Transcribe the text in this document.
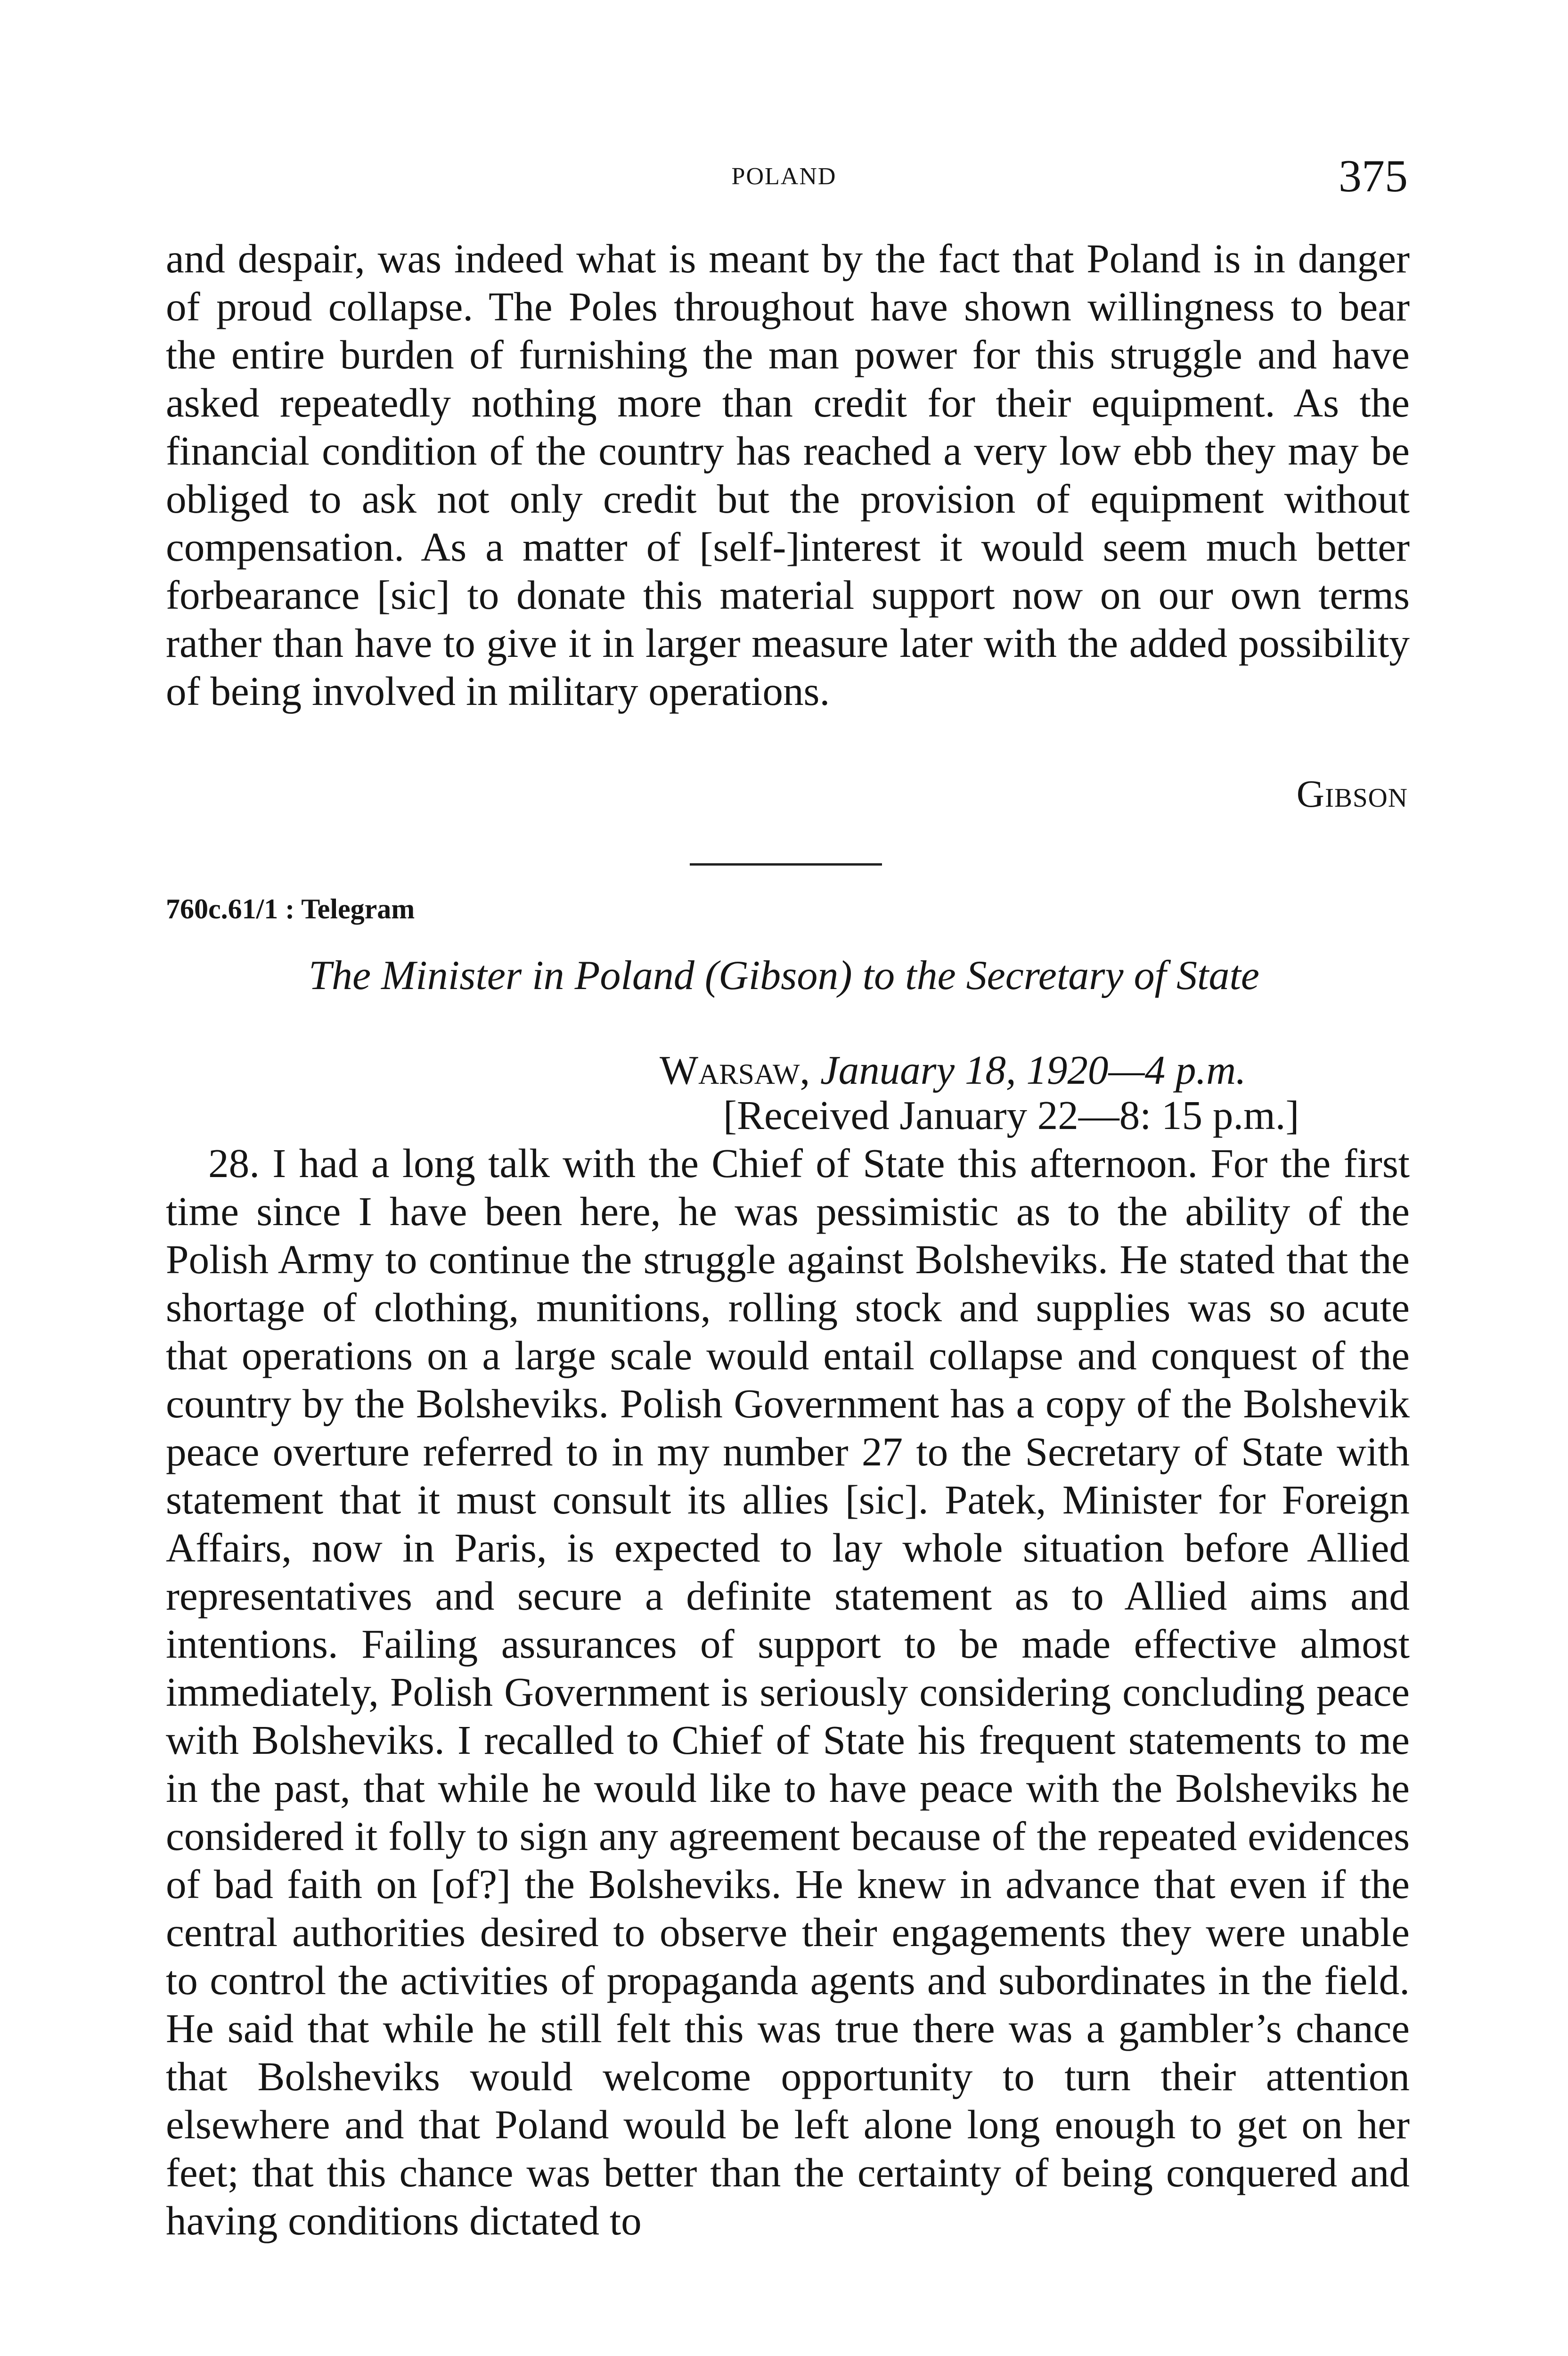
POLAND	375

and despair, was indeed what is meant by the fact that Poland is in danger of proud collapse. The Poles throughout have shown willingness to bear the entire burden of furnishing the man power for this struggle and have asked repeatedly nothing more than credit for their equipment. As the financial condition of the country has reached a very low ebb they may be obliged to ask not only credit but the provision of equipment without compensation. As a matter of [self-]interest it would seem much better forbearance [sic] to donate this material support now on our own terms rather than have to give it in larger measure later with the added possibility of being involved in military operations.

Gibson
760c.61/1 : Telegram
The Minister in Poland (Gibson) to the Secretary of State
Warsaw, January 18, 1920—4 p.m.
[Received January 22—8: 15 p.m.]

28. I had a long talk with the Chief of State this afternoon. For the first time since I have been here, he was pessimistic as to the ability of the Polish Army to continue the struggle against Bolsheviks. He stated that the shortage of clothing, munitions, rolling stock and supplies was so acute that operations on a large scale would entail collapse and conquest of the country by the Bolsheviks. Polish Government has a copy of the Bolshevik peace overture referred to in my number 27 to the Secretary of State with statement that it must consult its allies [sic]. Patek, Minister for Foreign Affairs, now in Paris, is expected to lay whole situation before Allied representatives and secure a definite statement as to Allied aims and intentions. Failing assurances of support to be made effective almost immediately, Polish Government is seriously considering concluding peace with Bolsheviks. I recalled to Chief of State his frequent statements to me in the past, that while he would like to have peace with the Bolsheviks he considered it folly to sign any agreement because of the repeated evidences of bad faith on [of?] the Bolsheviks. He knew in advance that even if the central authorities desired to observe their engagements they were unable to control the activities of propaganda agents and subordinates in the field. He said that while he still felt this was true there was a gambler’s chance that Bolsheviks would welcome opportunity to turn their attention elsewhere and that Poland would be left alone long enough to get on her feet; that this chance was better than the certainty of being conquered and having conditions dictated to
